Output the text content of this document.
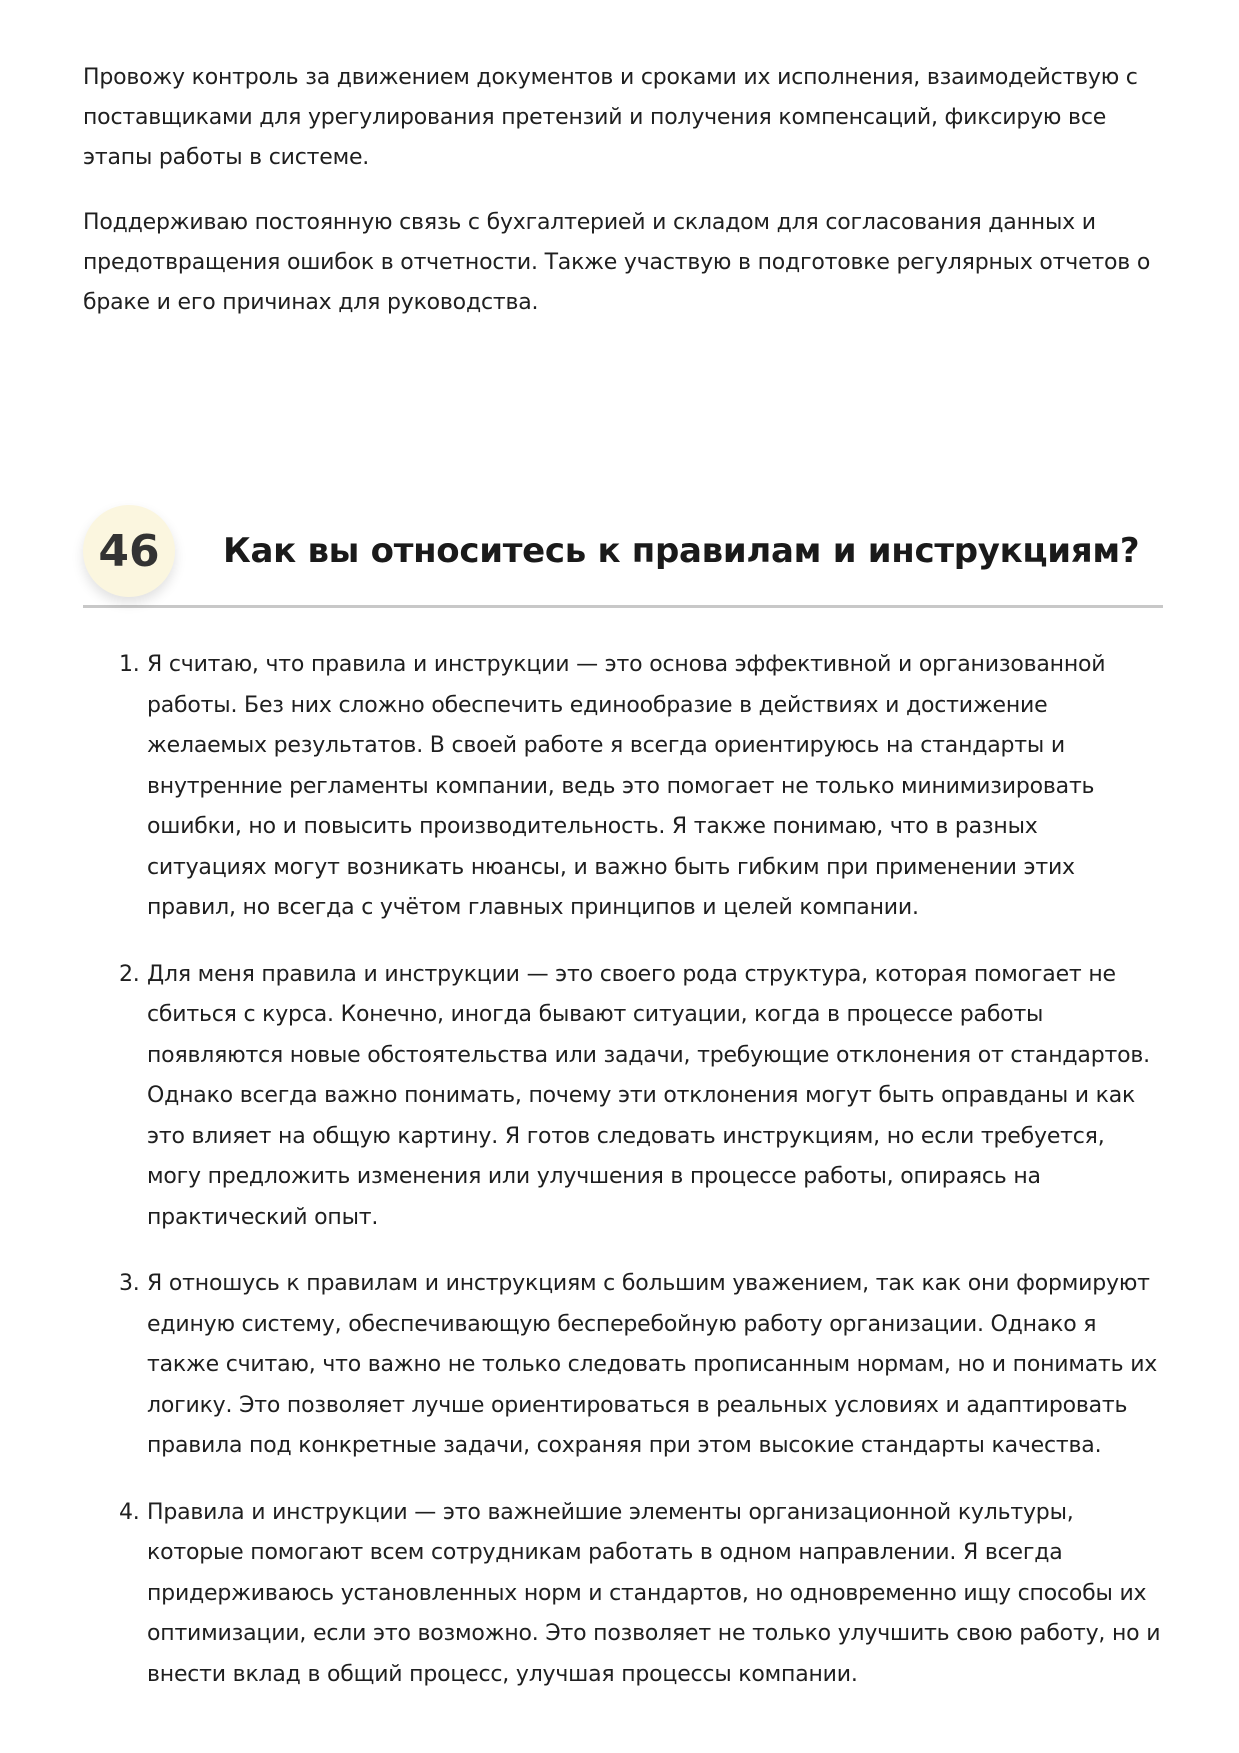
Провожу контроль за движением документов и сроками их исполнения, взаимодействую с поставщиками для урегулирования претензий и получения компенсаций, фиксирую все этапы работы в системе.

Поддерживаю постоянную связь с бухгалтерией и складом для согласования данных и предотвращения ошибок в отчетности. Также участвую в подготовке регулярных отчетов о браке и его причинах для руководства.

46	Как вы относитесь к правилам и инструкциям?
1. Я считаю, что правила и инструкции — это основа эффективной и организованной работы. Без них сложно обеспечить единообразие в действиях и достижение желаемых результатов. В своей работе я всегда ориентируюсь на стандарты и внутренние регламенты компании, ведь это помогает не только минимизировать ошибки, но и повысить производительность. Я также понимаю, что в разных ситуациях могут возникать нюансы, и важно быть гибким при применении этих правил, но всегда с учётом главных принципов и целей компании.
2. Для меня правила и инструкции — это своего рода структура, которая помогает не сбиться с курса. Конечно, иногда бывают ситуации, когда в процессе работы появляются новые обстоятельства или задачи, требующие отклонения от стандартов. Однако всегда важно понимать, почему эти отклонения могут быть оправданы и как это влияет на общую картину. Я готов следовать инструкциям, но если требуется, могу предложить изменения или улучшения в процессе работы, опираясь на практический опыт.
3. Я отношусь к правилам и инструкциям с большим уважением, так как они формируют единую систему, обеспечивающую бесперебойную работу организации. Однако я также считаю, что важно не только следовать прописанным нормам, но и понимать их логику. Это позволяет лучше ориентироваться в реальных условиях и адаптировать правила под конкретные задачи, сохраняя при этом высокие стандарты качества.
4. Правила и инструкции — это важнейшие элементы организационной культуры, которые помогают всем сотрудникам работать в одном направлении. Я всегда придерживаюсь установленных норм и стандартов, но одновременно ищу способы их оптимизации, если это возможно. Это позволяет не только улучшить свою работу, но и внести вклад в общий процесс, улучшая процессы компании.
